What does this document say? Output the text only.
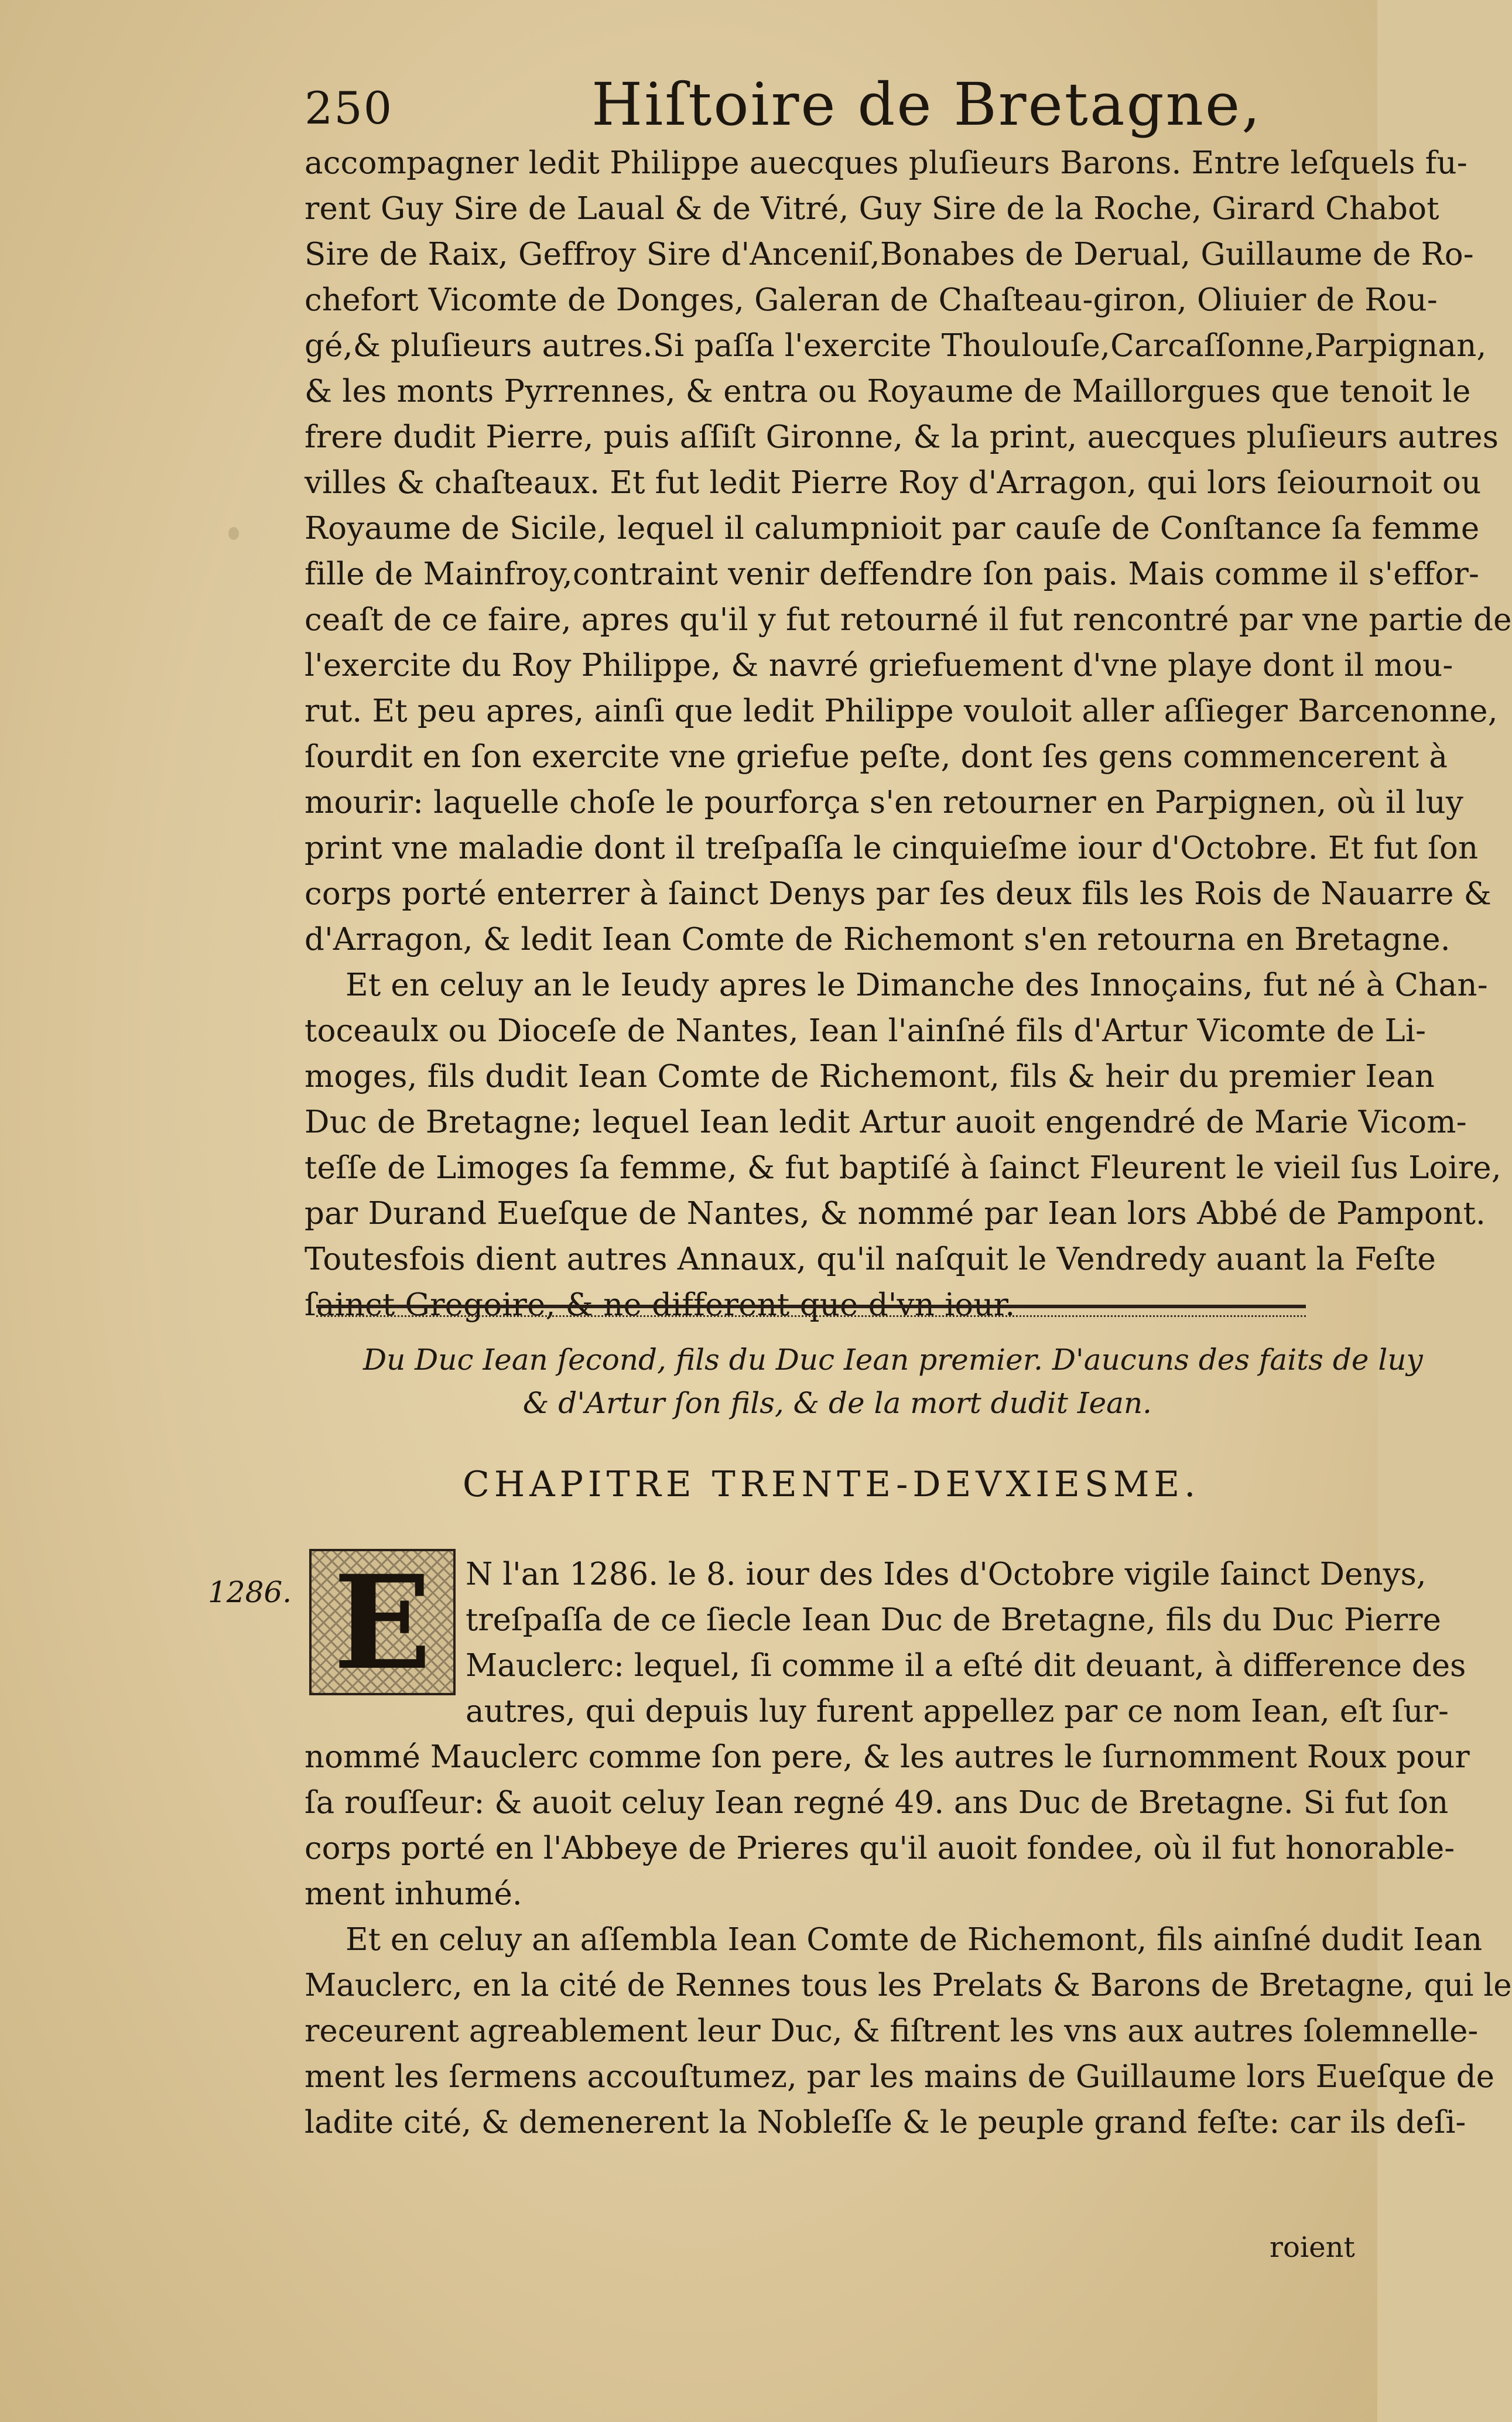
250	Hiſtoire de Bretagne,
accompagner ledit Philippe auecques pluſieurs Barons. Entre leſquels fu-
rent Guy Sire de Laual & de Vitré, Guy Sire de la Roche, Girard Chabot
Sire de Raix, Geffroy Sire d'Anceniſ,Bonabes de Derual, Guillaume de Ro-
chefort Vicomte de Donges, Galeran de Chaſteau-giron, Oliuier de Rou-
gé,& pluſieurs autres.Si paſſa l'exercite Thoulouſe,Carcaſſonne,Parpignan,
& les monts Pyrrennes, & entra ou Royaume de Maillorgues que tenoit le
frere dudit Pierre, puis aſſiſt Gironne, & la print, auecques pluſieurs autres
villes & chaſteaux. Et fut ledit Pierre Roy d'Arragon, qui lors ſeiournoit ou
Royaume de Sicile, lequel il calumpnioit par cauſe de Conſtance ſa femme
fille de Mainfroy,contraint venir deffendre ſon pais. Mais comme il s'effor-
ceaſt de ce faire, apres qu'il y fut retourné il fut rencontré par vne partie de
l'exercite du Roy Philippe, & navré griefuement d'vne playe dont il mou-
rut. Et peu apres, ainſi que ledit Philippe vouloit aller aſſieger Barcenonne,
ſourdit en ſon exercite vne griefue peſte, dont ſes gens commencerent à
mourir: laquelle choſe le pourforça s'en retourner en Parpignen, où il luy
print vne maladie dont il treſpaſſa le cinquieſme iour d'Octobre. Et fut ſon
corps porté enterrer à ſainct Denys par ſes deux fils les Rois de Nauarre &
d'Arragon, & ledit Iean Comte de Richemont s'en retourna en Bretagne.
Et en celuy an le Ieudy apres le Dimanche des Innoçains, fut né à Chan-
toceaulx ou Dioceſe de Nantes, Iean l'ainſné fils d'Artur Vicomte de Li-
moges, fils dudit Iean Comte de Richemont, fils & heir du premier Iean
Duc de Bretagne; lequel Iean ledit Artur auoit engendré de Marie Vicom-
teſſe de Limoges ſa femme, & fut baptiſé à ſainct Fleurent le vieil ſus Loire,
par Durand Eueſque de Nantes, & nommé par Iean lors Abbé de Pampont.
Toutesfois dient autres Annaux, qu'il naſquit le Vendredy auant la Feſte
ſainct Gregoire, & ne different que d'vn iour.
Du Duc Iean ſecond, fils du Duc Iean premier. D'aucuns des faits de luy
& d'Artur ſon fils, & de la mort dudit Iean.
CHAPITRE TRENTE-DEVXIESME.
1286. E	N l'an 1286. le 8. iour des Ides d'Octobre vigile ſainct Denys,
treſpaſſa de ce ſiecle Iean Duc de Bretagne, fils du Duc Pierre
Mauclerc: lequel, ſi comme il a eſté dit deuant, à difference des
autres, qui depuis luy furent appellez par ce nom Iean, eſt ſur-
nommé Mauclerc comme ſon pere, & les autres le ſurnomment Roux pour
ſa rouſſeur: & auoit celuy Iean regné 49. ans Duc de Bretagne. Si fut ſon
corps porté en l'Abbeye de Prieres qu'il auoit fondee, où il fut honorable-
ment inhumé.
Et en celuy an aſſembla Iean Comte de Richemont, fils ainſné dudit Iean
Mauclerc, en la cité de Rennes tous les Prelats & Barons de Bretagne, qui le
receurent agreablement leur Duc, & fiſtrent les vns aux autres ſolemnelle-
ment les ſermens accouſtumez, par les mains de Guillaume lors Eueſque de
ladite cité, & demenerent la Nobleſſe & le peuple grand feſte: car ils deſi-
roient
